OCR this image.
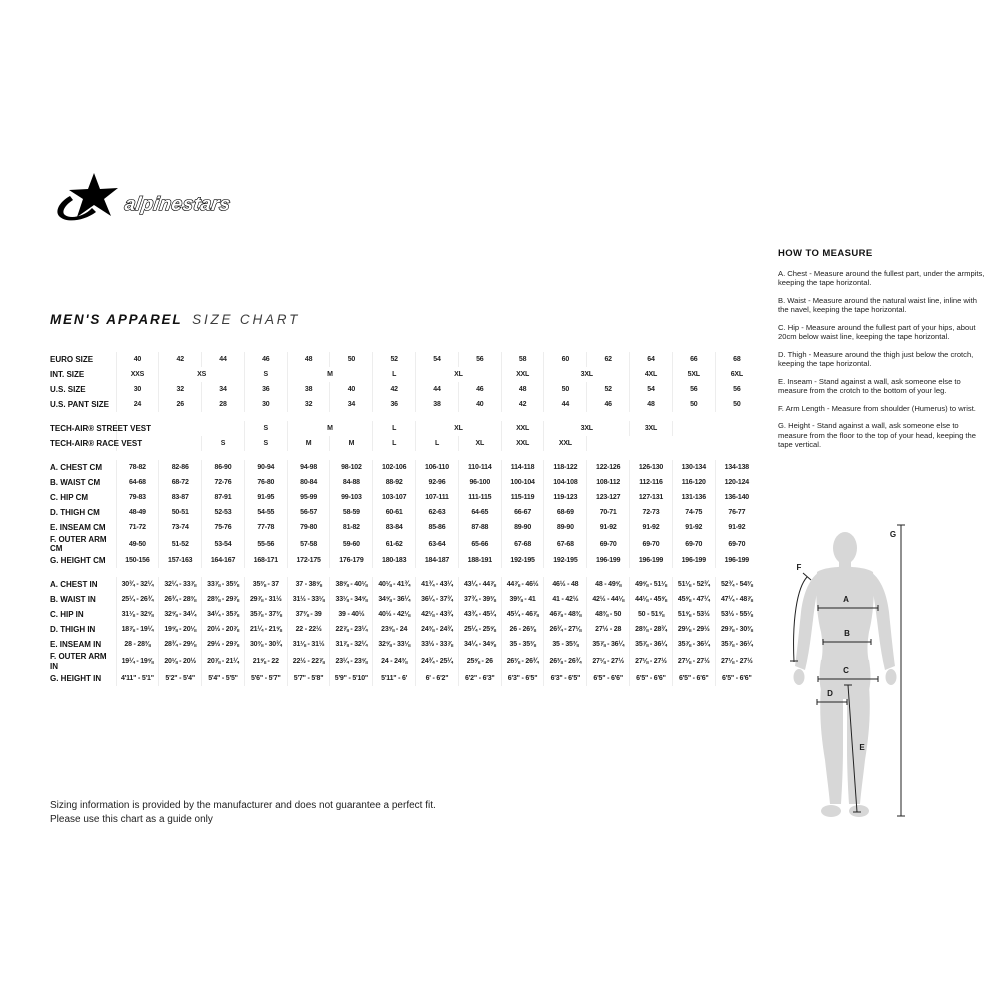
alpinestars
MEN'S APPAREL SIZE CHART
EURO SIZE	40	42	44	46	48	50	52	54	56	58	60	62	64	66	68
INT. SIZE	XXS	XS		S	M		L	XL		XXL	3XL		4XL	5XL	6XL
U.S. SIZE	30	32	34	36	38	40	42	44	46	48	50	52	54	56	56
U.S. PANT SIZE	24	26	28	30	32	34	36	38	40	42	44	46	48	50	50

TECH-AIR® STREET VEST				S	M		L	XL		XXL	3XL		3XL		
TECH-AIR® RACE VEST			S	S	M	M	L	L	XL	XXL	XXL				

A. CHEST CM	78-82	82-86	86-90	90-94	94-98	98-102	102-106	106-110	110-114	114-118	118-122	122-126	126-130	130-134	134-138
B. WAIST CM	64-68	68-72	72-76	76-80	80-84	84-88	88-92	92-96	96-100	100-104	104-108	108-112	112-116	116-120	120-124
C. HIP CM	79-83	83-87	87-91	91-95	95-99	99-103	103-107	107-111	111-115	115-119	119-123	123-127	127-131	131-136	136-140
D. THIGH CM	48-49	50-51	52-53	54-55	56-57	58-59	60-61	62-63	64-65	66-67	68-69	70-71	72-73	74-75	76-77
E. INSEAM CM	71-72	73-74	75-76	77-78	79-80	81-82	83-84	85-86	87-88	89-90	89-90	91-92	91-92	91-92	91-92
F. OUTER ARM CM	49-50	51-52	53-54	55-56	57-58	59-60	61-62	63-64	65-66	67-68	67-68	69-70	69-70	69-70	69-70
G. HEIGHT CM	150-156	157-163	164-167	168-171	172-175	176-179	180-183	184-187	188-191	192-195	192-195	196-199	196-199	196-199	196-199

A. CHEST IN	30¾ - 32¼	32¼ - 33⅞	33⅞ - 35⅜	35⅜ - 37	37 - 38⅝	38⅝ - 40⅛	40⅛ - 41¾	41¾ - 43¼	43¼ - 44⅞	44⅞ - 46½	46½ - 48	48 - 49⅝	49⅝ - 51⅛	51⅛ - 52¾	52¾ - 54⅜
B. WAIST IN	25¼ - 26¾	26¾ - 28⅜	28⅜ - 29⅞	29⅞ - 31½	31½ - 33⅛	33⅛ - 34⅝	34⅝ - 36¼	36¼ - 37¾	37¾ - 39⅜	39⅜ - 41	41 - 42½	42½ - 44⅛	44⅛ - 45⅝	45⅝ - 47¼	47¼ - 48⅞
C. HIP IN	31⅛ - 32⅝	32⅝ - 34¼	34¼ - 35⅞	35⅞ - 37⅜	37⅜ - 39	39 - 40½	40½ - 42⅛	42⅛ - 43¾	43¾ - 45¼	45¼ - 46⅞	46⅞ - 48⅜	48⅜ - 50	50 - 51⅝	51⅝ - 53½	53½ - 55⅛
D. THIGH IN	18⅞ - 19¼	19⅝ - 20⅛	20½ - 20⅞	21¼ - 21⅝	22 - 22½	22⅞ - 23¼	23⅝ - 24	24⅜ - 24¾	25¼ - 25⅝	26 - 26⅜	26¾ - 27⅛	27½ - 28	28⅜ - 28¾	29⅛ - 29½	29⅞ - 30⅜
E. INSEAM IN	28 - 28⅜	28¾ - 29⅛	29½ - 29⅞	30⅜ - 30¾	31⅛ - 31½	31⅞ - 32¼	32⅝ - 33⅛	33½ - 33⅞	34¼ - 34⅝	35 - 35⅜	35 - 35⅜	35⅞ - 36¼	35⅞ - 36¼	35⅞ - 36¼	35⅞ - 36¼
F. OUTER ARM IN	19¼ - 19⅝	20⅛ - 20½	20⅞ - 21¼	21⅝ - 22	22½ - 22⅞	23¼ - 23⅝	24 - 24⅜	24¾ - 25¼	25⅝ - 26	26⅜ - 26¾	26⅜ - 26¾	27⅛ - 27½	27⅛ - 27½	27⅛ - 27½	27⅛ - 27½
G. HEIGHT IN	4'11" - 5'1"	5'2" - 5'4"	5'4" - 5'5"	5'6" - 5'7"	5'7" - 5'8"	5'9" - 5'10"	5'11" - 6'	6' - 6'2"	6'2" - 6'3"	6'3" - 6'5"	6'3" - 6'5"	6'5" - 6'6"	6'5" - 6'6"	6'5" - 6'6"	6'5" - 6'6"
HOW TO MEASURE

A. Chest - Measure around the fullest part, under the armpits, keeping the tape horizontal.

B. Waist - Measure around the natural waist line, inline with the navel, keeping the tape horizontal.

C. Hip - Measure around the fullest part of your hips, about 20cm below waist line, keeping the tape horizontal.

D. Thigh - Measure around the thigh just below the crotch, keeping the tape horizontal.

E. Inseam - Stand against a wall, ask someone else to measure from the crotch to the bottom of your leg.

F. Arm Length - Measure from shoulder (Humerus) to wrist.

G. Height - Stand against a wall, ask someone else to measure from the floor to the top of your head, keeping the tape vertical.

A
B
C
D
E
F
G
Sizing information is provided by the manufacturer and does not guarantee a perfect fit.
Please use this chart as a guide only
